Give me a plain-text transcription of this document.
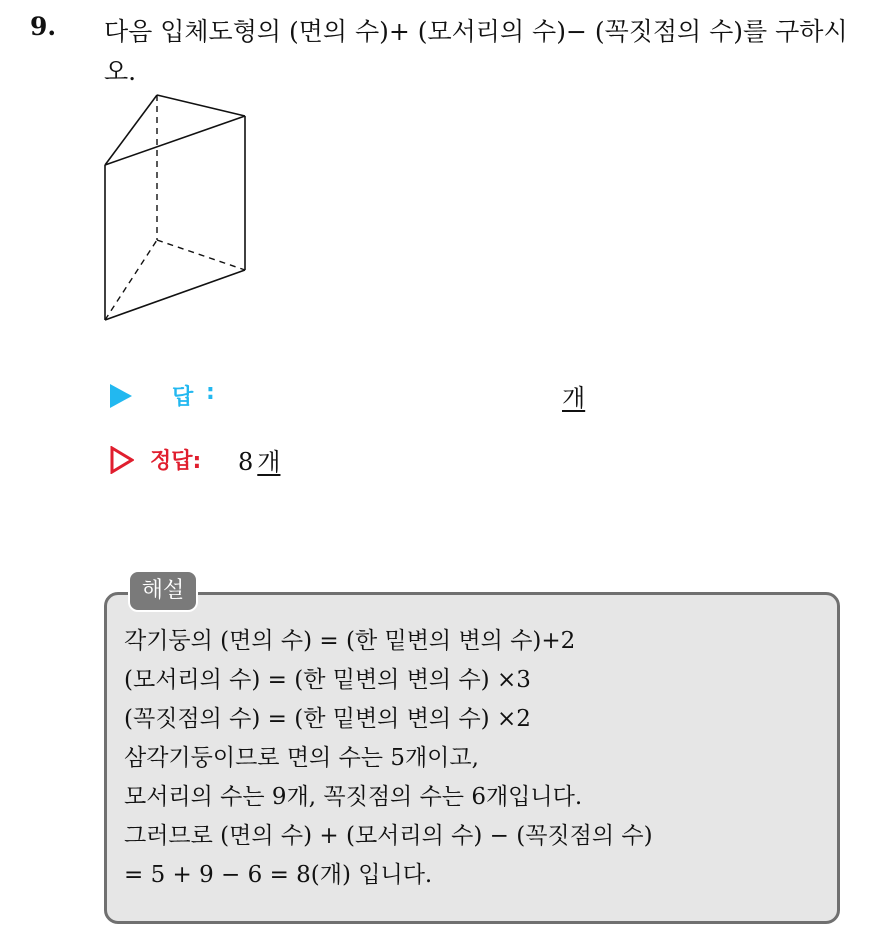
9. 다음 입체도형의 (면의 수)+ (모서리의 수)− (꼭짓점의 수)를 구하시오.
답 :	개
정답: 8 개
해설
각기둥의 (면의 수) = (한 밑변의 변의 수)+2
(모서리의 수) = (한 밑변의 변의 수) ×3
(꼭짓점의 수) = (한 밑변의 변의 수) ×2
삼각기둥이므로 면의 수는 5개이고,
모서리의 수는 9개, 꼭짓점의 수는 6개입니다.
그러므로 (면의 수) + (모서리의 수) − (꼭짓점의 수)
= 5 + 9 − 6 = 8(개) 입니다.
